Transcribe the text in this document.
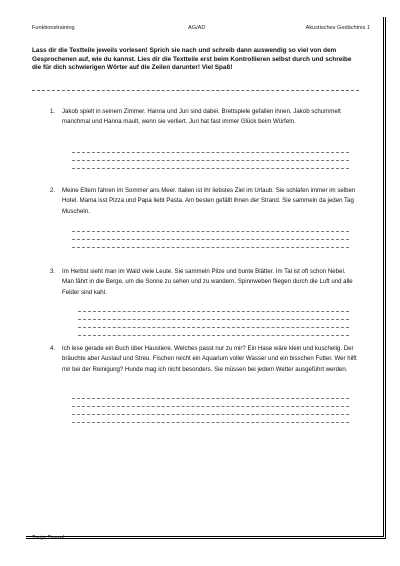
Funktionstraining	AG/AD	Akustisches Gedächtnis 1
Lass dir die Textteile jeweils vorlesen! Sprich sie nach und schreib dann auswendig so viel von dem Gesprochenen auf, wie du kannst. Lies dir die Textteile erst beim Kontrollieren selbst durch und schreibe die für dich schwierigen Wörter auf die Zeilen darunter! Viel Spaß!
1. Jakob spielt in seinem Zimmer. Hanna und Juri sind dabei. Brettspiele gefallen ihnen. Jakob schummelt manchmal und Hanna mault, wenn sie verliert. Juri hat fast immer Glück beim Würfeln.
2. Meine Eltern fahren im Sommer ans Meer. Italien ist ihr liebstes Ziel im Urlaub. Sie schlafen immer im selben Hotel. Mama isst Pizza und Papa liebt Pasta. Am besten gefällt ihnen der Strand. Sie sammeln da jeden Tag Muscheln.
3. Im Herbst sieht man im Wald viele Leute. Sie sammeln Pilze und bunte Blätter. Im Tal ist oft schon Nebel. Man fährt in die Berge, um die Sonne zu sehen und zu wandern. Spinnweben fliegen durch die Luft und alle Felder sind kahl.
4. Ich lese gerade ein Buch über Haustiere. Welches passt nur zu mir? Ein Hase wäre klein und kuschelig. Der bräuchte aber Auslauf und Streu. Fischen reicht ein Aquarium voller Wasser und ein bisschen Futter. Wer hilft mir bei der Reinigung? Hunde mag ich nicht besonders. Sie müssen bei jedem Wetter ausgeführt werden.
Tanja Drexel
